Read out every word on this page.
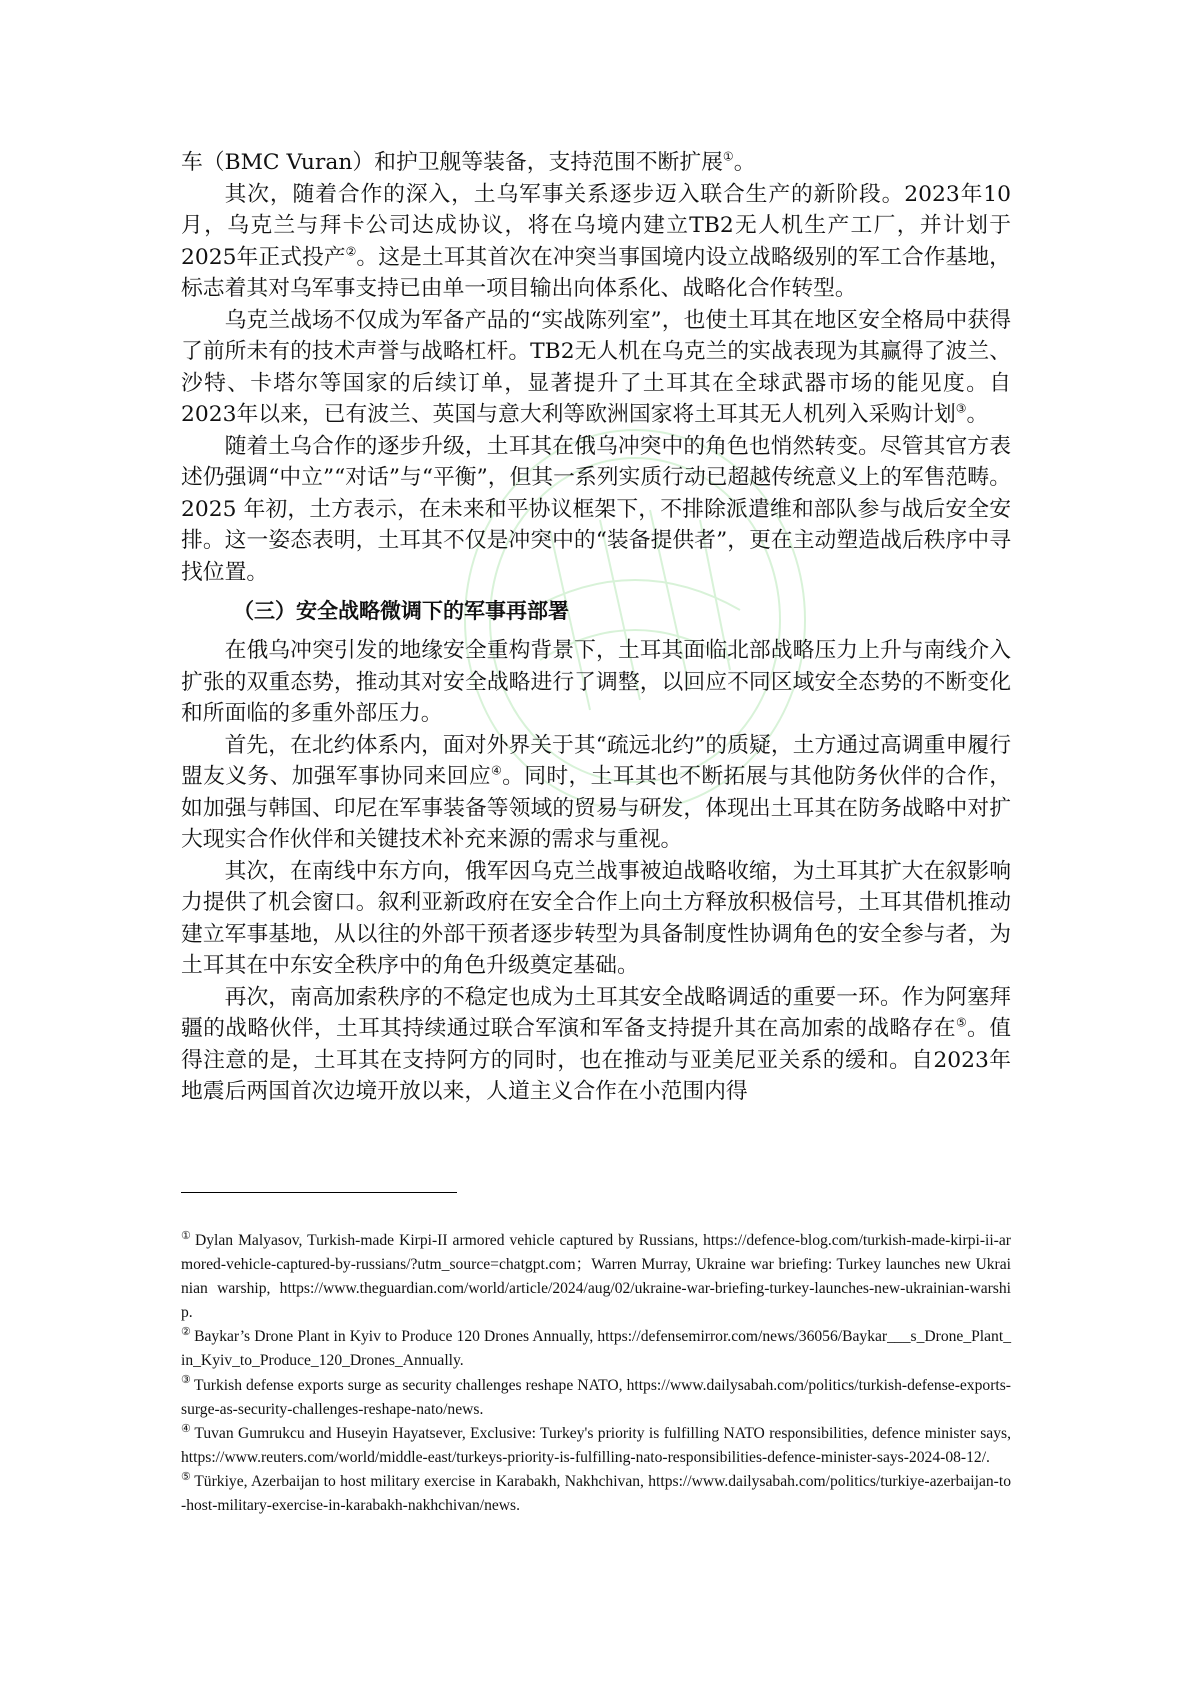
车（BMC Vuran）和护卫舰等装备，支持范围不断扩展①。

其次，随着合作的深入，土乌军事关系逐步迈入联合生产的新阶段。2023年10月，乌克兰与拜卡公司达成协议，将在乌境内建立TB2无人机生产工厂，并计划于2025年正式投产②。这是土耳其首次在冲突当事国境内设立战略级别的军工合作基地，标志着其对乌军事支持已由单一项目输出向体系化、战略化合作转型。

乌克兰战场不仅成为军备产品的“实战陈列室”，也使土耳其在地区安全格局中获得了前所未有的技术声誉与战略杠杆。TB2无人机在乌克兰的实战表现为其赢得了波兰、沙特、卡塔尔等国家的后续订单，显著提升了土耳其在全球武器市场的能见度。自2023年以来，已有波兰、英国与意大利等欧洲国家将土耳其无人机列入采购计划③。

随着土乌合作的逐步升级，土耳其在俄乌冲突中的角色也悄然转变。尽管其官方表述仍强调“中立”“对话”与“平衡”，但其一系列实质行动已超越传统意义上的军售范畴。2025 年初，土方表示，在未来和平协议框架下，不排除派遣维和部队参与战后安全安排。这一姿态表明，土耳其不仅是冲突中的“装备提供者”，更在主动塑造战后秩序中寻找位置。

（三）安全战略微调下的军事再部署

在俄乌冲突引发的地缘安全重构背景下，土耳其面临北部战略压力上升与南线介入扩张的双重态势，推动其对安全战略进行了调整，以回应不同区域安全态势的不断变化和所面临的多重外部压力。

首先，在北约体系内，面对外界关于其“疏远北约”的质疑，土方通过高调重申履行盟友义务、加强军事协同来回应④。同时，土耳其也不断拓展与其他防务伙伴的合作，如加强与韩国、印尼在军事装备等领域的贸易与研发，体现出土耳其在防务战略中对扩大现实合作伙伴和关键技术补充来源的需求与重视。

其次，在南线中东方向，俄军因乌克兰战事被迫战略收缩，为土耳其扩大在叙影响力提供了机会窗口。叙利亚新政府在安全合作上向土方释放积极信号，土耳其借机推动建立军事基地，从以往的外部干预者逐步转型为具备制度性协调角色的安全参与者，为土耳其在中东安全秩序中的角色升级奠定基础。

再次，南高加索秩序的不稳定也成为土耳其安全战略调适的重要一环。作为阿塞拜疆的战略伙伴，土耳其持续通过联合军演和军备支持提升其在高加索的战略存在⑤。值得注意的是，土耳其在支持阿方的同时，也在推动与亚美尼亚关系的缓和。自2023年地震后两国首次边境开放以来，人道主义合作在小范围内得

① Dylan Malyasov, Turkish-made Kirpi-II armored vehicle captured by Russians, https://defence-blog.com/turkish-made-kirpi-ii-armored-vehicle-captured-by-russians/?utm_source=chatgpt.com；Warren Murray, Ukraine war briefing: Turkey launches new Ukrainian warship, https://www.theguardian.com/world/article/2024/aug/02/ukraine-war-briefing-turkey-launches-new-ukrainian-warship.

② Baykar’s Drone Plant in Kyiv to Produce 120 Drones Annually, https://defensemirror.com/news/36056/Baykar___s_Drone_Plant_in_Kyiv_to_Produce_120_Drones_Annually.

③ Turkish defense exports surge as security challenges reshape NATO, https://www.dailysabah.com/politics/turkish-defense-exports-surge-as-security-challenges-reshape-nato/news.

④ Tuvan Gumrukcu and Huseyin Hayatsever, Exclusive: Turkey's priority is fulfilling NATO responsibilities, defence minister says, https://www.reuters.com/world/middle-east/turkeys-priority-is-fulfilling-nato-responsibilities-defence-minister-says-2024-08-12/.

⑤ Türkiye, Azerbaijan to host military exercise in Karabakh, Nakhchivan, https://www.dailysabah.com/politics/turkiye-azerbaijan-to-host-military-exercise-in-karabakh-nakhchivan/news.
